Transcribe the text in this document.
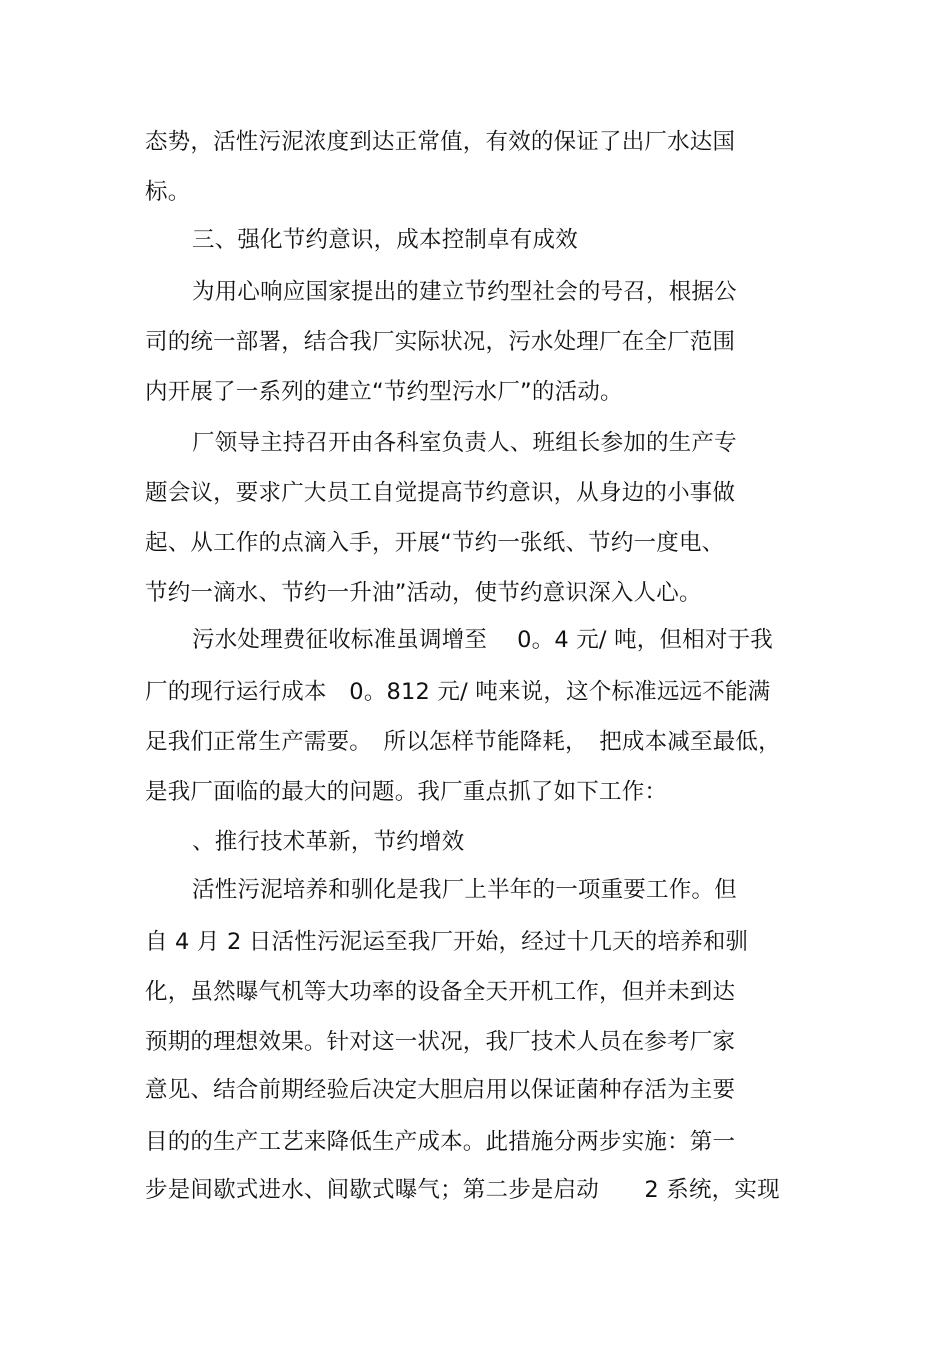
态势，活性污泥浓度到达正常值，有效的保证了出厂水达国
标。
三、强化节约意识，成本控制卓有成效
为用心响应国家提出的建立节约型社会的号召，根据公
司的统一部署，结合我厂实际状况，污水处理厂在全厂范围
内开展了一系列的建立“节约型污水厂”的活动。
厂领导主持召开由各科室负责人、班组长参加的生产专
题会议，要求广大员工自觉提高节约意识，从身边的小事做
起、从工作的点滴入手，开展“节约一张纸、节约一度电、
节约一滴水、节约一升油”活动，使节约意识深入人心。
污水处理费征收标准虽调增至　 0。4 元/ 吨，但相对于我
厂的现行运行成本　0。812 元/ 吨来说，这个标准远远不能满
足我们正常生产需要。　所以怎样节能降耗，　把成本减至最低，
是我厂面临的最大的问题。我厂重点抓了如下工作：
、推行技术革新，节约增效
活性污泥培养和驯化是我厂上半年的一项重要工作。但
自 4 月 2 日活性污泥运至我厂开始，经过十几天的培养和驯
化，虽然曝气机等大功率的设备全天开机工作，但并未到达
预期的理想效果。针对这一状况，我厂技术人员在参考厂家
意见、结合前期经验后决定大胆启用以保证菌种存活为主要
目的的生产工艺来降低生产成本。此措施分两步实施：第一
步是间歇式进水、间歇式曝气；第二步是启动　　2 系统，实现
